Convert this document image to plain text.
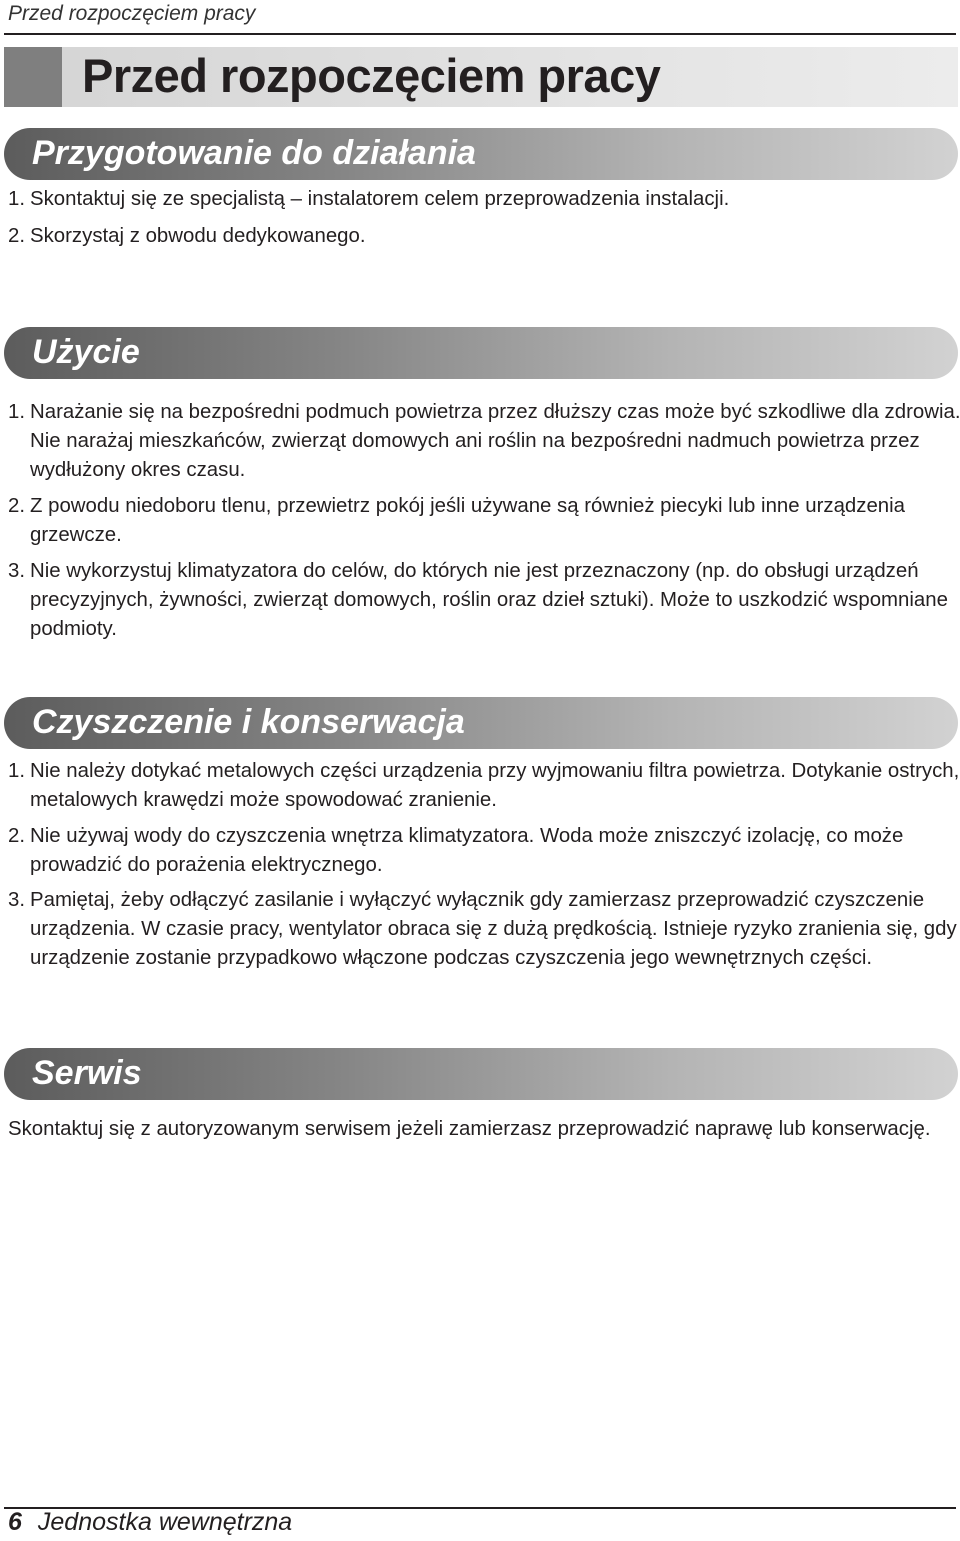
Przed rozpoczęciem pracy
Przed rozpoczęciem pracy
Przygotowanie do działania
1. Skontaktuj się ze specjalistą – instalatorem celem przeprowadzenia instalacji.
2. Skorzystaj z obwodu dedykowanego.
Użycie
1. Narażanie się na bezpośredni podmuch powietrza przez dłuższy czas może być szkodliwe dla zdrowia. Nie narażaj mieszkańców, zwierząt domowych ani roślin na bezpośredni nadmuch powietrza przez wydłużony okres czasu.
2. Z powodu niedoboru tlenu, przewietrz pokój jeśli używane są również piecyki lub inne urządzenia grzewcze.
3. Nie wykorzystuj klimatyzatora do celów, do których nie jest przeznaczony (np. do obsługi urządzeń precyzyjnych, żywności, zwierząt domowych, roślin oraz dzieł sztuki). Może to uszkodzić wspomniane podmioty.
Czyszczenie i konserwacja
1. Nie należy dotykać metalowych części urządzenia przy wyjmowaniu filtra powietrza. Dotykanie ostrych, metalowych krawędzi może spowodować zranienie.
2. Nie używaj wody do czyszczenia wnętrza klimatyzatora. Woda może zniszczyć izolację, co może prowadzić do porażenia elektrycznego.
3. Pamiętaj, żeby odłączyć zasilanie i wyłączyć wyłącznik gdy zamierzasz przeprowadzić czyszczenie urządzenia. W czasie pracy, wentylator obraca się z dużą prędkością. Istnieje ryzyko zranienia się, gdy urządzenie zostanie przypadkowo włączone podczas czyszczenia jego wewnętrznych części.
Serwis
Skontaktuj się z autoryzowanym serwisem jeżeli zamierzasz przeprowadzić naprawę lub konserwację.
6 Jednostka wewnętrzna
